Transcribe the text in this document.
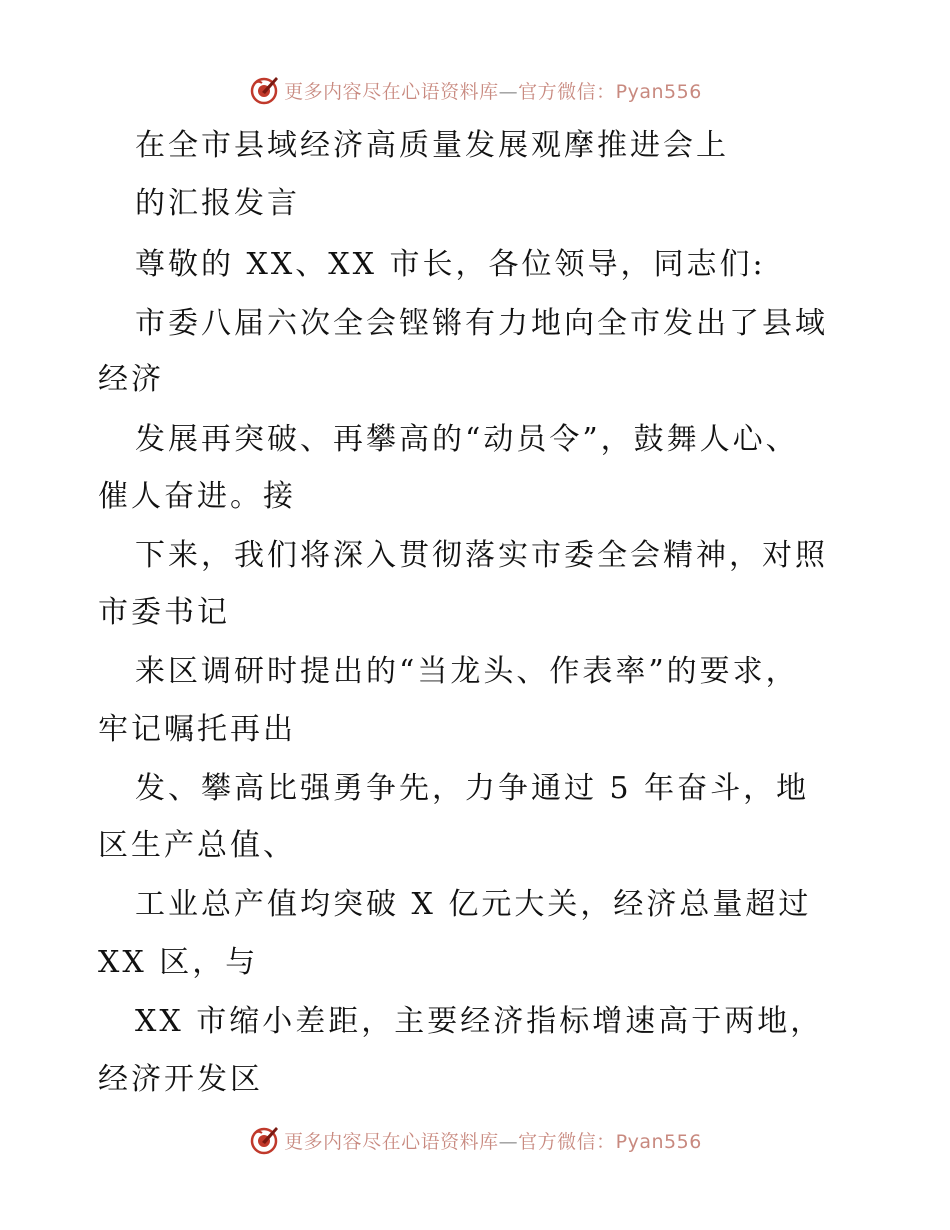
更多内容尽在心语资料库—官方微信：Pyan556
在全市县域经济高质量发展观摩推进会上
的汇报发言
尊敬的 XX、XX 市长，各位领导，同志们:
市委八届六次全会铿锵有力地向全市发出了县域
经济
发展再突破、再攀高的“动员令”，鼓舞人心、
催人奋进。接
下来，我们将深入贯彻落实市委全会精神，对照
市委书记
来区调研时提出的“当龙头、作表率”的要求，
牢记嘱托再出
发、攀高比强勇争先，力争通过 5 年奋斗，地
区生产总值、
工业总产值均突破 X 亿元大关，经济总量超过
XX 区，与
XX 市缩小差距，主要经济指标增速高于两地，
经济开发区
更多内容尽在心语资料库—官方微信：Pyan556
